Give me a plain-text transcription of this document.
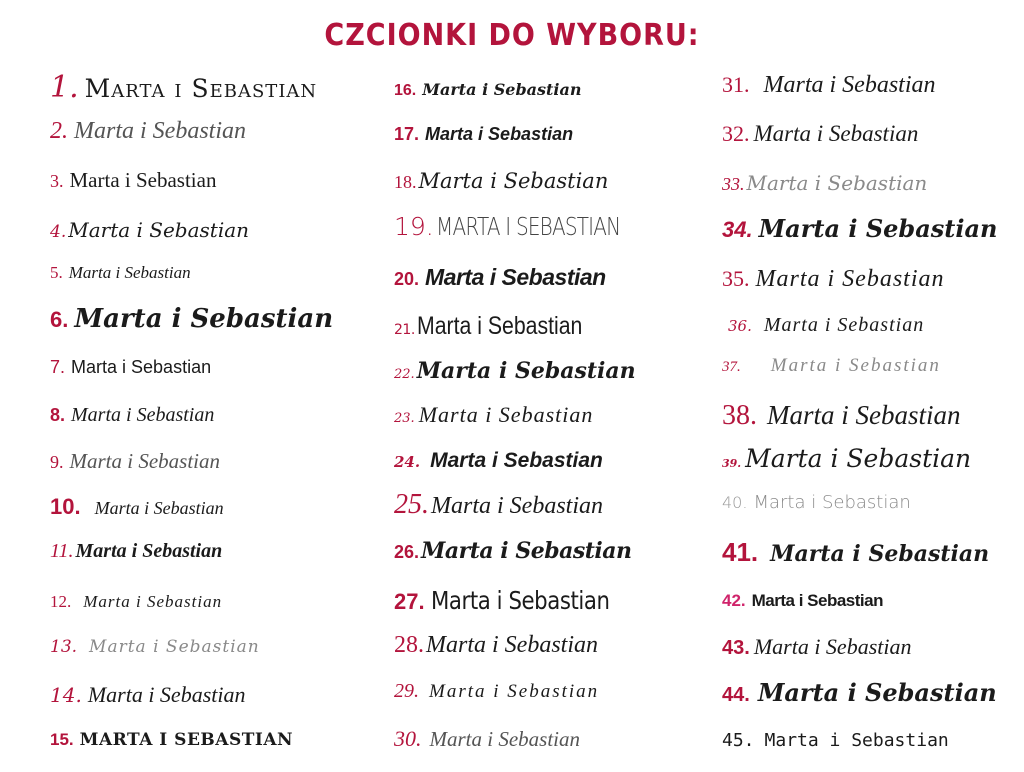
CZCIONKI DO WYBORU:
1. Marta i Sebastian
2. Marta i Sebastian
3. Marta i Sebastian
4. Marta i Sebastian
5. Marta i Sebastian
6. Marta i Sebastian
7. Marta i Sebastian
8. Marta i Sebastian
9. Marta i Sebastian
10. Marta i Sebastian
11. Marta i Sebastian
12. Marta i Sebastian
13. Marta i Sebastian
14. Marta i Sebastian
15. MARTA I SEBASTIAN
16. Marta i Sebastian
17. Marta i Sebastian
18. Marta i Sebastian
19. MARTA I SEBASTIAN
20. Marta i Sebastian
21. Marta i Sebastian
22. Marta i Sebastian
23. Marta i Sebastian
24. Marta i Sebastian
25. Marta i Sebastian
26. Marta i Sebastian
27. Marta i Sebastian
28. Marta i Sebastian
29. Marta i Sebastian
30. Marta i Sebastian
31. Marta i Sebastian
32. Marta i Sebastian
33. Marta i Sebastian
34. Marta i Sebastian
35. Marta i Sebastian
36. Marta i Sebastian
37. Marta i Sebastian
38. Marta i Sebastian
39. Marta i Sebastian
40. Marta i Sebastian
41. Marta i Sebastian
42. Marta i Sebastian
43. Marta i Sebastian
44. Marta i Sebastian
45. Marta i Sebastian
